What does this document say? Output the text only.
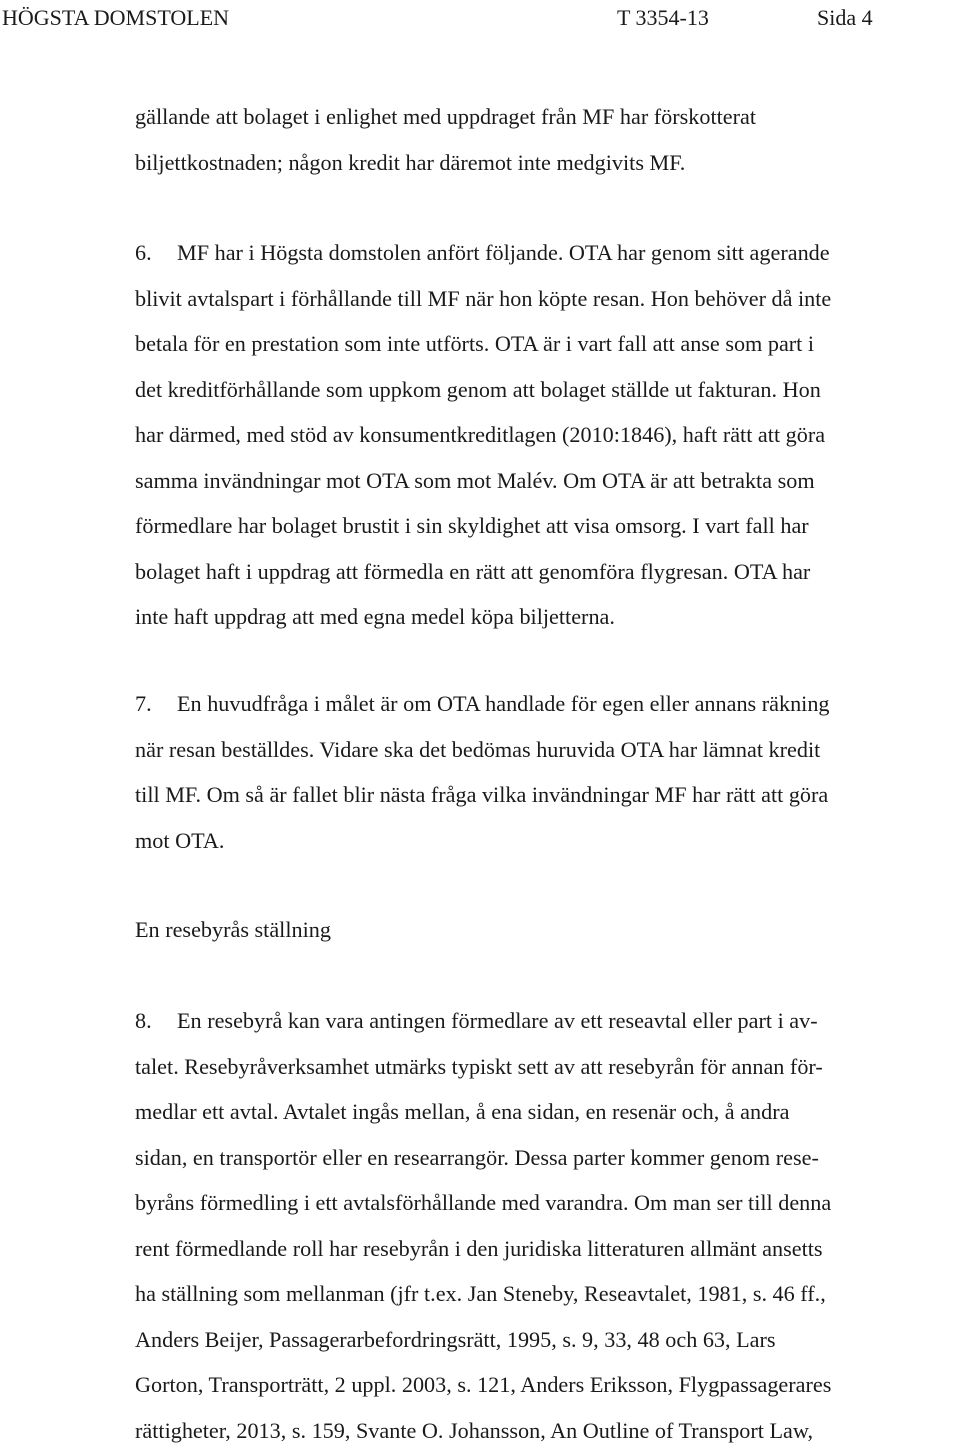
HÖGSTA DOMSTOLEN	T 3354-13	Sida 4
gällande att bolaget i enlighet med uppdraget från MF har förskotterat
biljettkostnaden; någon kredit har däremot inte medgivits MF.
6. MF har i Högsta domstolen anfört följande. OTA har genom sitt agerande
blivit avtalspart i förhållande till MF när hon köpte resan. Hon behöver då inte
betala för en prestation som inte utförts. OTA är i vart fall att anse som part i
det kreditförhållande som uppkom genom att bolaget ställde ut fakturan. Hon
har därmed, med stöd av konsumentkreditlagen (2010:1846), haft rätt att göra
samma invändningar mot OTA som mot Malév. Om OTA är att betrakta som
förmedlare har bolaget brustit i sin skyldighet att visa omsorg. I vart fall har
bolaget haft i uppdrag att förmedla en rätt att genomföra flygresan. OTA har
inte haft uppdrag att med egna medel köpa biljetterna.
7. En huvudfråga i målet är om OTA handlade för egen eller annans räkning
när resan beställdes. Vidare ska det bedömas huruvida OTA har lämnat kredit
till MF. Om så är fallet blir nästa fråga vilka invändningar MF har rätt att göra
mot OTA.
En resebyrås ställning
8. En resebyrå kan vara antingen förmedlare av ett reseavtal eller part i av-
talet. Resebyråverksamhet utmärks typiskt sett av att resebyrån för annan för-
medlar ett avtal. Avtalet ingås mellan, å ena sidan, en resenär och, å andra
sidan, en transportör eller en researrangör. Dessa parter kommer genom rese-
byråns förmedling i ett avtalsförhållande med varandra. Om man ser till denna
rent förmedlande roll har resebyrån i den juridiska litteraturen allmänt ansetts
ha ställning som mellanman (jfr t.ex. Jan Steneby, Reseavtalet, 1981, s. 46 ff.,
Anders Beijer, Passagerarbefordringsrätt, 1995, s. 9, 33, 48 och 63, Lars
Gorton, Transporträtt, 2 uppl. 2003, s. 121, Anders Eriksson, Flygpassagerares
rättigheter, 2013, s. 159, Svante O. Johansson, An Outline of Transport Law,
